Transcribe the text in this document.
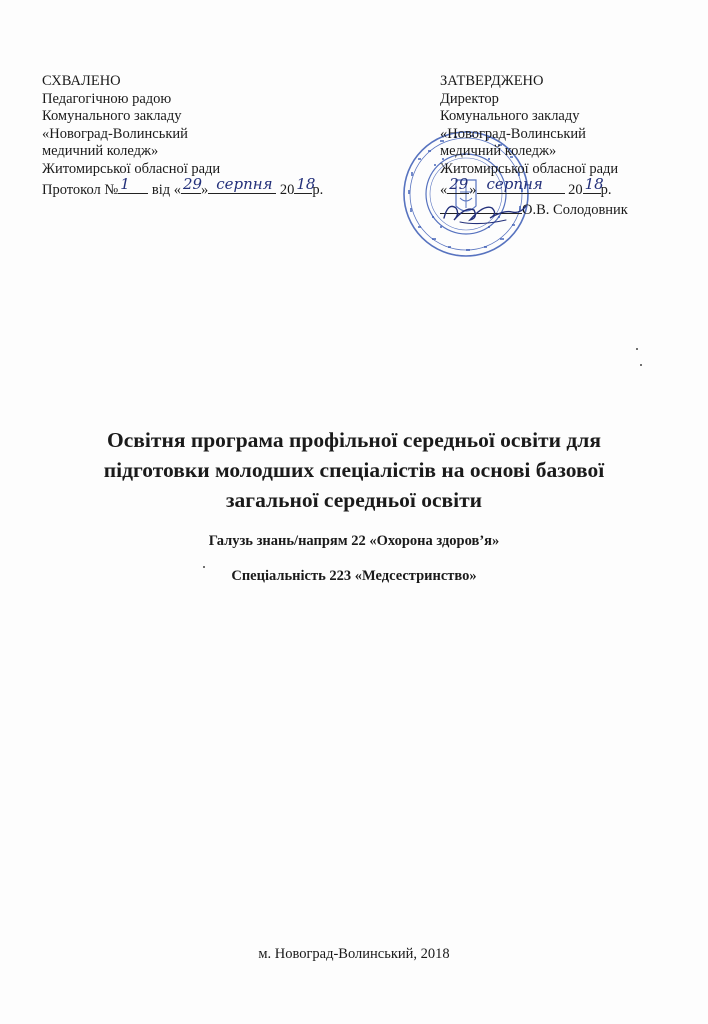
СХВАЛЕНО
Педагогічною радою
Комунального закладу
«Новоград-Волинський
медичний коледж»
Житомирської обласної ради
Протокол № 1 від « 29
» серпня 20 18
р.
ЗАТВЕРДЖЕНО
Директор
Комунального закладу
«Новоград-Волинський
медичний коледж»
Житомирської обласної ради
« 29 » серпня 20 18
р.
О.В. Солодовник
Освітня програма профільної середньої освіти для
підготовки молодших спеціалістів на основі базової
загальної середньої освіти
Галузь знань/напрям 22 «Охорона здоров’я»
Спеціальність 223 «Медсестринство»
м. Новоград-Волинський, 2018
